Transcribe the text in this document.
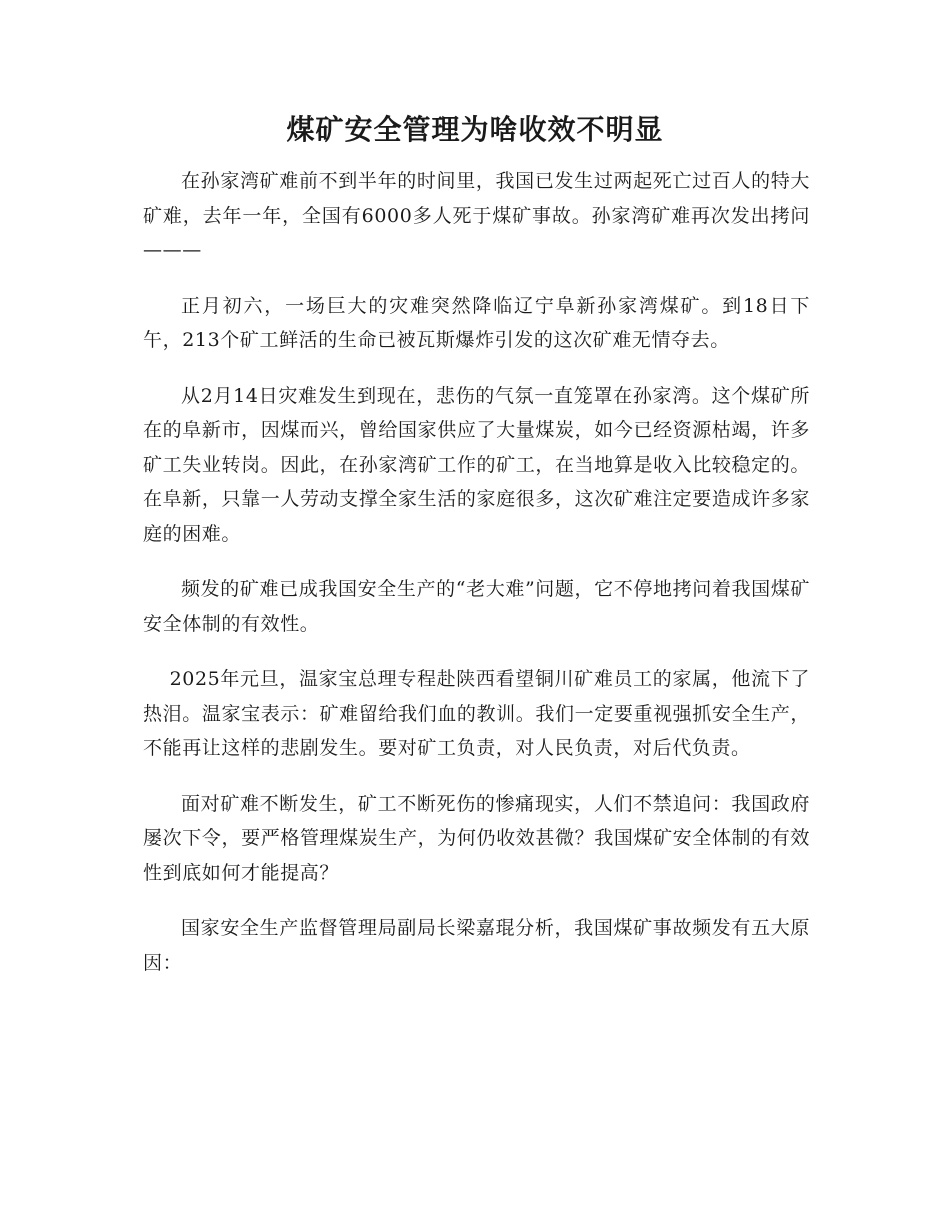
煤矿安全管理为啥收效不明显

在孙家湾矿难前不到半年的时间里，我国已发生过两起死亡过百人的特大矿难，去年一年，全国有6000多人死于煤矿事故。孙家湾矿难再次发出拷问———

正月初六，一场巨大的灾难突然降临辽宁阜新孙家湾煤矿。到18日下午，213个矿工鲜活的生命已被瓦斯爆炸引发的这次矿难无情夺去。

从2月14日灾难发生到现在，悲伤的气氛一直笼罩在孙家湾。这个煤矿所在的阜新市，因煤而兴，曾给国家供应了大量煤炭，如今已经资源枯竭，许多矿工失业转岗。因此，在孙家湾矿工作的矿工，在当地算是收入比较稳定的。在阜新，只靠一人劳动支撑全家生活的家庭很多，这次矿难注定要造成许多家庭的困难。

频发的矿难已成我国安全生产的“老大难”问题，它不停地拷问着我国煤矿安全体制的有效性。

2025年元旦，温家宝总理专程赴陕西看望铜川矿难员工的家属，他流下了热泪。温家宝表示：矿难留给我们血的教训。我们一定要重视强抓安全生产，不能再让这样的悲剧发生。要对矿工负责，对人民负责，对后代负责。

面对矿难不断发生，矿工不断死伤的惨痛现实，人们不禁追问：我国政府屡次下令，要严格管理煤炭生产，为何仍收效甚微？我国煤矿安全体制的有效性到底如何才能提高？

国家安全生产监督管理局副局长梁嘉琨分析，我国煤矿事故频发有五大原因：
